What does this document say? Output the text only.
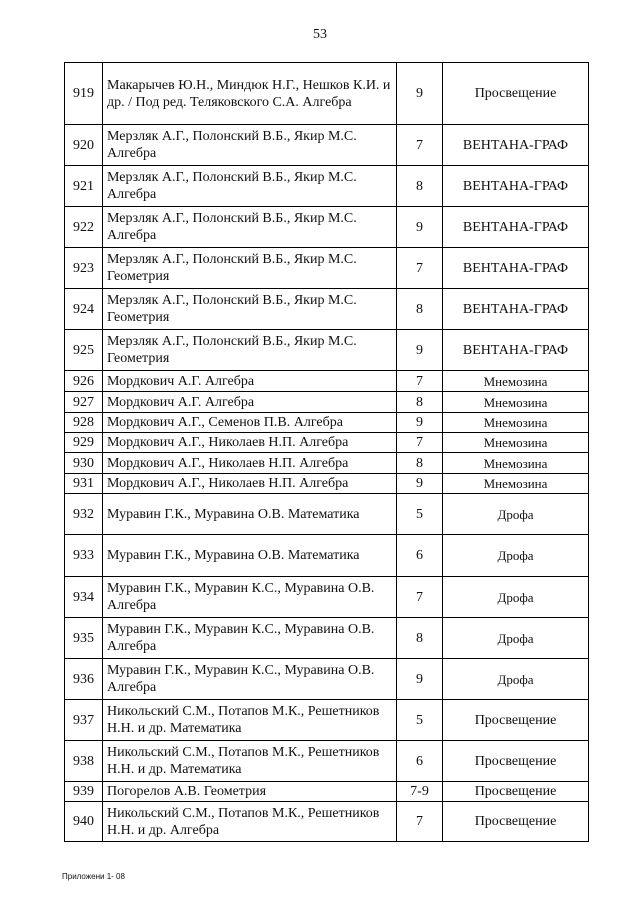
53
919	Макарычев Ю.Н., Миндюк Н.Г., Нешков К.И. и др. / Под ред. Теляковского С.А. Алгебра	9	Просвещение
920	Мерзляк А.Г., Полонский В.Б., Якир М.С. Алгебра	7	ВЕНТАНА-ГРАФ
921	Мерзляк А.Г., Полонский В.Б., Якир М.С. Алгебра	8	ВЕНТАНА-ГРАФ
922	Мерзляк А.Г., Полонский В.Б., Якир М.С. Алгебра	9	ВЕНТАНА-ГРАФ
923	Мерзляк А.Г., Полонский В.Б., Якир М.С. Геометрия	7	ВЕНТАНА-ГРАФ
924	Мерзляк А.Г., Полонский В.Б., Якир М.С. Геометрия	8	ВЕНТАНА-ГРАФ
925	Мерзляк А.Г., Полонский В.Б., Якир М.С. Геометрия	9	ВЕНТАНА-ГРАФ
926	Мордкович А.Г. Алгебра	7	Мнемозина
927	Мордкович А.Г. Алгебра	8	Мнемозина
928	Мордкович А.Г., Семенов П.В. Алгебра	9	Мнемозина
929	Мордкович А.Г., Николаев Н.П. Алгебра	7	Мнемозина
930	Мордкович А.Г., Николаев Н.П. Алгебра	8	Мнемозина
931	Мордкович А.Г., Николаев Н.П. Алгебра	9	Мнемозина
932	Муравин Г.К., Муравина О.В. Математика	5	Дрофа
933	Муравин Г.К., Муравина О.В. Математика	6	Дрофа
934	Муравин Г.К., Муравин К.С., Муравина О.В. Алгебра	7	Дрофа
935	Муравин Г.К., Муравин К.С., Муравина О.В. Алгебра	8	Дрофа
936	Муравин Г.К., Муравин К.С., Муравина О.В. Алгебра	9	Дрофа
937	Никольский С.М., Потапов М.К., Решетников Н.Н. и др. Математика	5	Просвещение
938	Никольский С.М., Потапов М.К., Решетников Н.Н. и др. Математика	6	Просвещение
939	Погорелов А.В. Геометрия	7-9	Просвещение
940	Никольский С.М., Потапов М.К., Решетников Н.Н. и др. Алгебра	7	Просвещение
Приложени 1- 08
